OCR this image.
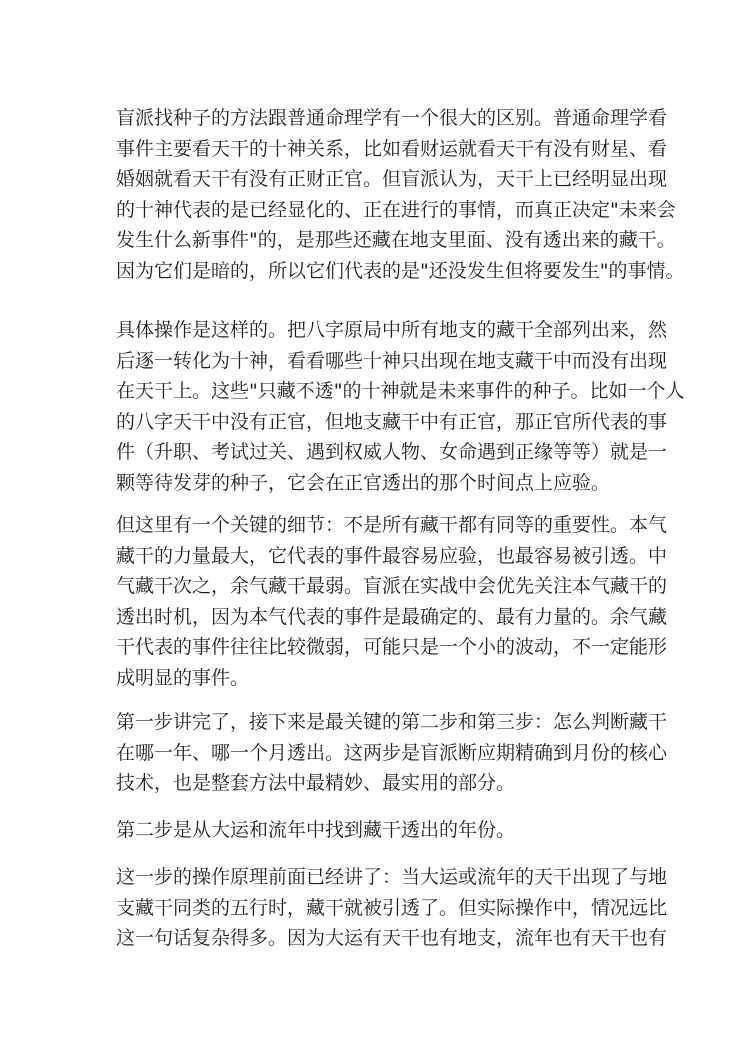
盲派找种子的方法跟普通命理学有一个很大的区别。普通命理学看
事件主要看天干的十神关系，比如看财运就看天干有没有财星、看
婚姻就看天干有没有正财正官。但盲派认为，天干上已经明显出现
的十神代表的是已经显化的、正在进行的事情，而真正决定"未来会
发生什么新事件"的，是那些还藏在地支里面、没有透出来的藏干。
因为它们是暗的，所以它们代表的是"还没发生但将要发生"的事情。
具体操作是这样的。把八字原局中所有地支的藏干全部列出来，然
后逐一转化为十神，看看哪些十神只出现在地支藏干中而没有出现
在天干上。这些"只藏不透"的十神就是未来事件的种子。比如一个人
的八字天干中没有正官，但地支藏干中有正官，那正官所代表的事
件（升职、考试过关、遇到权威人物、女命遇到正缘等等）就是一
颗等待发芽的种子，它会在正官透出的那个时间点上应验。
但这里有一个关键的细节：不是所有藏干都有同等的重要性。本气
藏干的力量最大，它代表的事件最容易应验，也最容易被引透。中
气藏干次之，余气藏干最弱。盲派在实战中会优先关注本气藏干的
透出时机，因为本气代表的事件是最确定的、最有力量的。余气藏
干代表的事件往往比较微弱，可能只是一个小的波动，不一定能形
成明显的事件。
第一步讲完了，接下来是最关键的第二步和第三步：怎么判断藏干
在哪一年、哪一个月透出。这两步是盲派断应期精确到月份的核心
技术，也是整套方法中最精妙、最实用的部分。
第二步是从大运和流年中找到藏干透出的年份。
这一步的操作原理前面已经讲了：当大运或流年的天干出现了与地
支藏干同类的五行时，藏干就被引透了。但实际操作中，情况远比
这一句话复杂得多。因为大运有天干也有地支，流年也有天干也有
